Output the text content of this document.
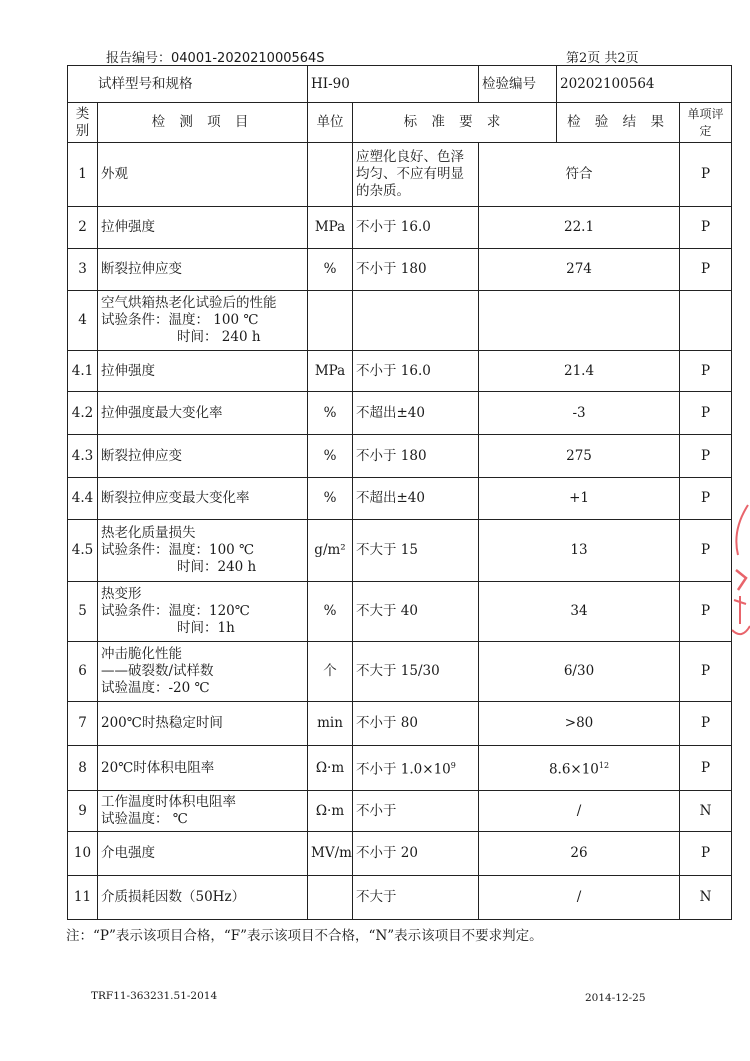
报告编号：04001-202021000564S	第2页 共2页
试样型号和规格		HI-90		检验编号	20202100564	
类别	检 测 项 目	单位	标 准 要 求		检 验 结 果	单项评定
1	外观		应塑化良好、色泽均匀、不应有明显的杂质。	符合		P
2	拉伸强度	MPa	不小于 16.0	22.1		P
3	断裂拉伸应变	%	不小于 180	274		P
4	空气烘箱热老化试验后的性能
试验条件：温度： 100 ℃
时间： 240 h					

4.1	拉伸强度	MPa	不小于 16.0	21.4		P
4.2	拉伸强度最大变化率	%	不超出±40	-3		P
4.3	断裂拉伸应变	%	不小于 180	275		P
4.4	断裂拉伸应变最大变化率	%	不超出±40	+1		P
4.5	热老化质量损失
试验条件：温度：100 ℃
时间：240 h	g/m²	不大于 15	13		P
5	热变形
试验条件：温度：120℃
时间：1h	%	不大于 40	34		P
6	冲击脆化性能
——破裂数/试样数
试验温度：-20 ℃	个	不大于 15/30	6/30		P
7	200℃时热稳定时间	min	不小于 80	>80		P
8	20℃时体积电阻率	Ω·m	不小于 $1.0\times 10^9$	$8.6\times 10^{12}$		P
9	工作温度时体积电阻率
试验温度： ℃	Ω·m	不小于	/		N
10	介电强度	MV/m	不小于 20	26		P
11	介质损耗因数（50Hz）		不大于	/		N
注：“P”表示该项目合格，“F”表示该项目不合格，“N”表示该项目不要求判定。
TRF11-363231.51-2014	2014-12-25
